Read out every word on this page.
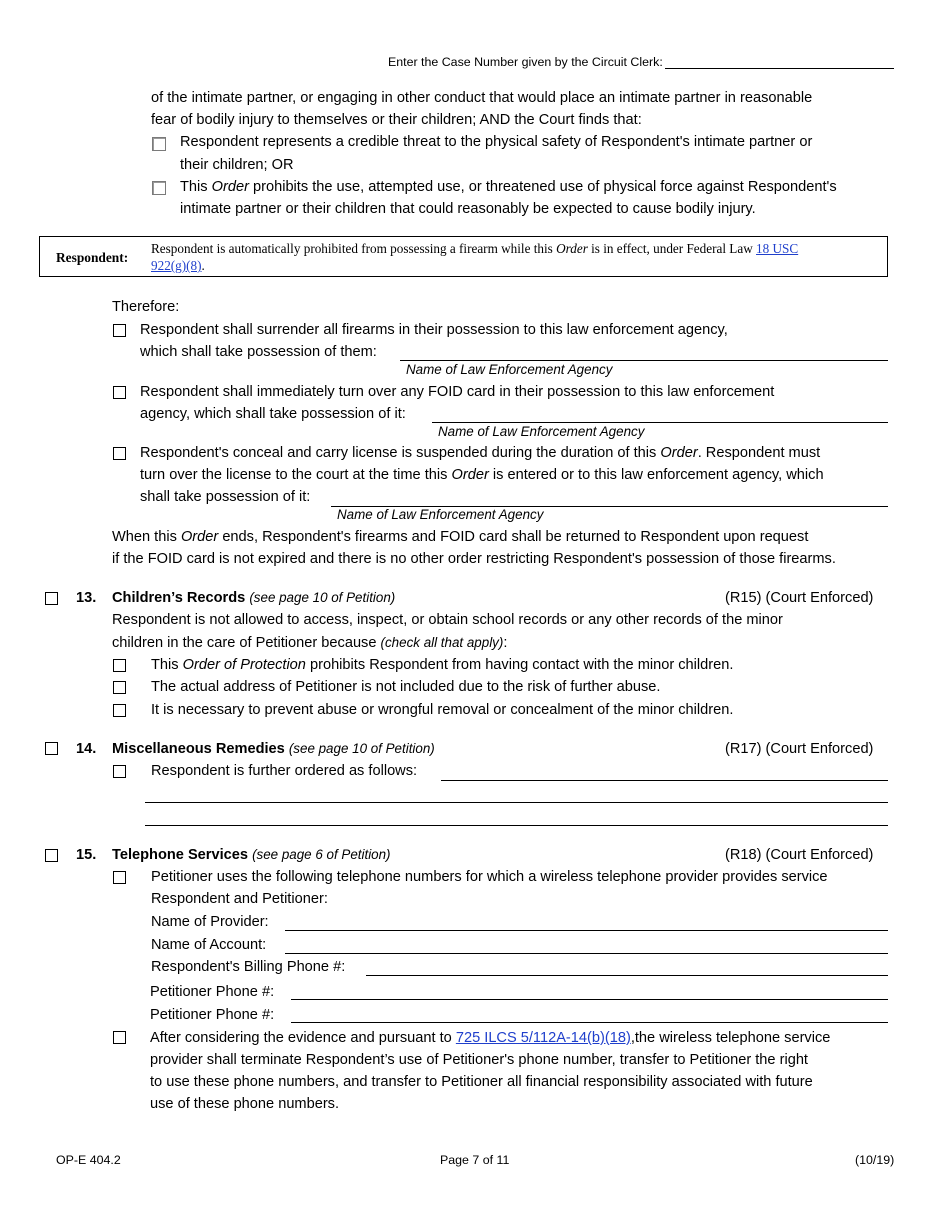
Enter the Case Number given by the Circuit Clerk:
of the intimate partner, or engaging in other conduct that would place an intimate partner in reasonable
fear of bodily injury to themselves or their children; AND the Court finds that:
Respondent represents a credible threat to the physical safety of Respondent's intimate partner or
their children; OR
This Order prohibits the use, attempted use, or threatened use of physical force against Respondent's
intimate partner or their children that could reasonably be expected to cause bodily injury.
Respondent:
Respondent is automatically prohibited from possessing a firearm while this Order is in effect, under Federal Law 18 USC
922(g)(8).
Therefore:
Respondent shall surrender all firearms in their possession to this law enforcement agency,
which shall take possession of them:
Name of Law Enforcement Agency
Respondent shall immediately turn over any FOID card in their possession to this law enforcement
agency, which shall take possession of it:
Name of Law Enforcement Agency
Respondent's conceal and carry license is suspended during the duration of this Order. Respondent must
turn over the license to the court at the time this Order is entered or to this law enforcement agency, which
shall take possession of it:
Name of Law Enforcement Agency
When this Order ends, Respondent's firearms and FOID card shall be returned to Respondent upon request
if the FOID card is not expired and there is no other order restricting Respondent's possession of those firearms.
13. Children’s Records (see page 10 of Petition)	(R15) (Court Enforced)
Respondent is not allowed to access, inspect, or obtain school records or any other records of the minor
children in the care of Petitioner because (check all that apply):
This Order of Protection prohibits Respondent from having contact with the minor children.
The actual address of Petitioner is not included due to the risk of further abuse.
It is necessary to prevent abuse or wrongful removal or concealment of the minor children.
14. Miscellaneous Remedies (see page 10 of Petition)	(R17) (Court Enforced)
Respondent is further ordered as follows:
15. Telephone Services (see page 6 of Petition)	(R18) (Court Enforced)
Petitioner uses the following telephone numbers for which a wireless telephone provider provides service
Respondent and Petitioner:
Name of Provider:
Name of Account:
Respondent's Billing Phone #:
Petitioner Phone #:
Petitioner Phone #:
After considering the evidence and pursuant to 725 ILCS 5/112A-14(b)(18),the wireless telephone service
provider shall terminate Respondent’s use of Petitioner's phone number, transfer to Petitioner the right
to use these phone numbers, and transfer to Petitioner all financial responsibility associated with future
use of these phone numbers.
OP-E 404.2	Page 7 of 11	(10/19)
